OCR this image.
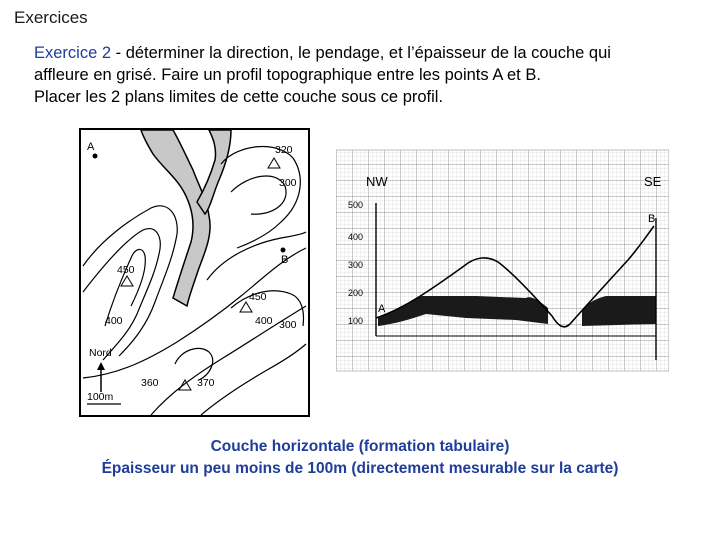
Exercices
Exercice 2 - déterminer la direction, le pendage, et l’épaisseur de la couche qui
affleure en grisé. Faire un profil topographique entre les points A et B.
Placer les 2 plans limites de cette couche sous ce profil.
A
B
320
300
450
450
400	400 300
360	370
Nord
100m
NW	SE
500
400
300
200
100
A
B
Couche horizontale (formation tabulaire)
Épaisseur un peu moins de 100m (directement mesurable sur la carte)
